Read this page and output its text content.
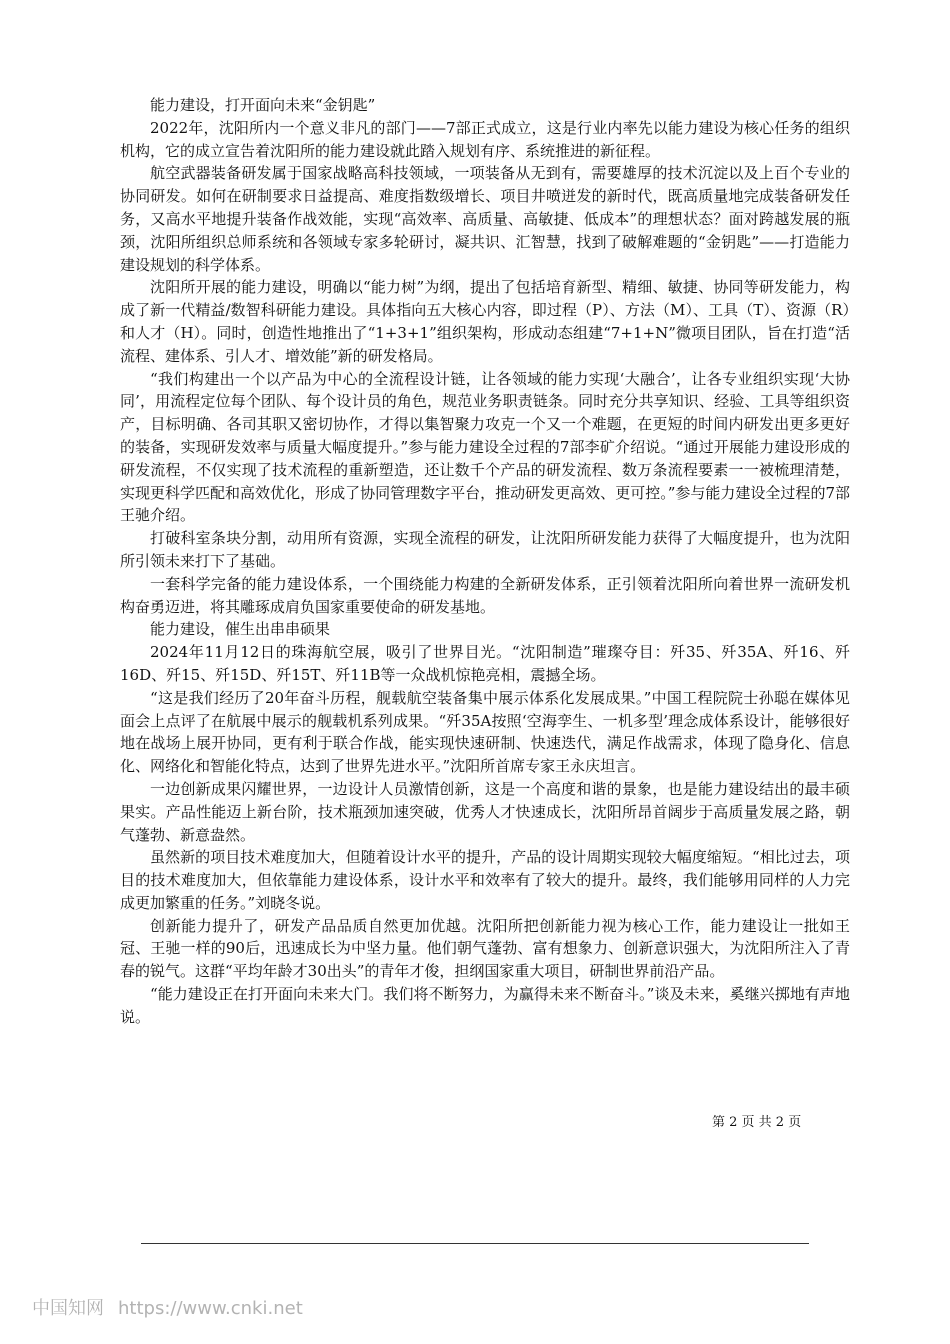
能力建设，打开面向未来“金钥匙”

2022年，沈阳所内一个意义非凡的部门——7部正式成立，这是行业内率先以能力建设为核心任务的组织机构，它的成立宣告着沈阳所的能力建设就此踏入规划有序、系统推进的新征程。

航空武器装备研发属于国家战略高科技领域，一项装备从无到有，需要雄厚的技术沉淀以及上百个专业的协同研发。如何在研制要求日益提高、难度指数级增长、项目井喷迸发的新时代，既高质量地完成装备研发任务，又高水平地提升装备作战效能，实现“高效率、高质量、高敏捷、低成本”的理想状态？面对跨越发展的瓶颈，沈阳所组织总师系统和各领域专家多轮研讨，凝共识、汇智慧，找到了破解难题的“金钥匙”——打造能力建设规划的科学体系。

沈阳所开展的能力建设，明确以“能力树”为纲，提出了包括培育新型、精细、敏捷、协同等研发能力，构成了新一代精益/数智科研能力建设。具体指向五大核心内容，即过程（P）、方法（M）、工具（T）、资源（R）和人才（H）。同时，创造性地推出了“1+3+1”组织架构，形成动态组建“7+1+N”微项目团队，旨在打造“活流程、建体系、引人才、增效能”新的研发格局。

“我们构建出一个以产品为中心的全流程设计链，让各领域的能力实现‘大融合’，让各专业组织实现‘大协同’，用流程定位每个团队、每个设计员的角色，规范业务职责链条。同时充分共享知识、经验、工具等组织资产，目标明确、各司其职又密切协作，才得以集智聚力攻克一个又一个难题，在更短的时间内研发出更多更好的装备，实现研发效率与质量大幅度提升。”参与能力建设全过程的7部李矿介绍说。“通过开展能力建设形成的研发流程，不仅实现了技术流程的重新塑造，还让数千个产品的研发流程、数万条流程要素一一被梳理清楚，实现更科学匹配和高效优化，形成了协同管理数字平台，推动研发更高效、更可控。”参与能力建设全过程的7部王驰介绍。

打破科室条块分割，动用所有资源，实现全流程的研发，让沈阳所研发能力获得了大幅度提升，也为沈阳所引领未来打下了基础。

一套科学完备的能力建设体系，一个围绕能力构建的全新研发体系，正引领着沈阳所向着世界一流研发机构奋勇迈进，将其雕琢成肩负国家重要使命的研发基地。

能力建设，催生出串串硕果

2024年11月12日的珠海航空展，吸引了世界目光。“沈阳制造”璀璨夺目：歼35、歼35A、歼16、歼16D、歼15、歼15D、歼15T、歼11B等一众战机惊艳亮相，震撼全场。

“这是我们经历了20年奋斗历程，舰载航空装备集中展示体系化发展成果。”中国工程院院士孙聪在媒体见面会上点评了在航展中展示的舰载机系列成果。“歼35A按照‘空海孪生、一机多型’理念成体系设计，能够很好地在战场上展开协同，更有利于联合作战，能实现快速研制、快速迭代，满足作战需求，体现了隐身化、信息化、网络化和智能化特点，达到了世界先进水平。”沈阳所首席专家王永庆坦言。

一边创新成果闪耀世界，一边设计人员激情创新，这是一个高度和谐的景象，也是能力建设结出的最丰硕果实。产品性能迈上新台阶，技术瓶颈加速突破，优秀人才快速成长，沈阳所昂首阔步于高质量发展之路，朝气蓬勃、新意盎然。

虽然新的项目技术难度加大，但随着设计水平的提升，产品的设计周期实现较大幅度缩短。“相比过去，项目的技术难度加大，但依靠能力建设体系，设计水平和效率有了较大的提升。最终，我们能够用同样的人力完成更加繁重的任务。”刘晓冬说。

创新能力提升了，研发产品品质自然更加优越。沈阳所把创新能力视为核心工作，能力建设让一批如王冠、王驰一样的90后，迅速成长为中坚力量。他们朝气蓬勃、富有想象力、创新意识强大，为沈阳所注入了青春的锐气。这群“平均年龄才30出头”的青年才俊，担纲国家重大项目，研制世界前沿产品。

“能力建设正在打开面向未来大门。我们将不断努力，为赢得未来不断奋斗。”谈及未来，奚继兴掷地有声地说。

第 2 页 共 2 页
中国知网 https://www.cnki.net
